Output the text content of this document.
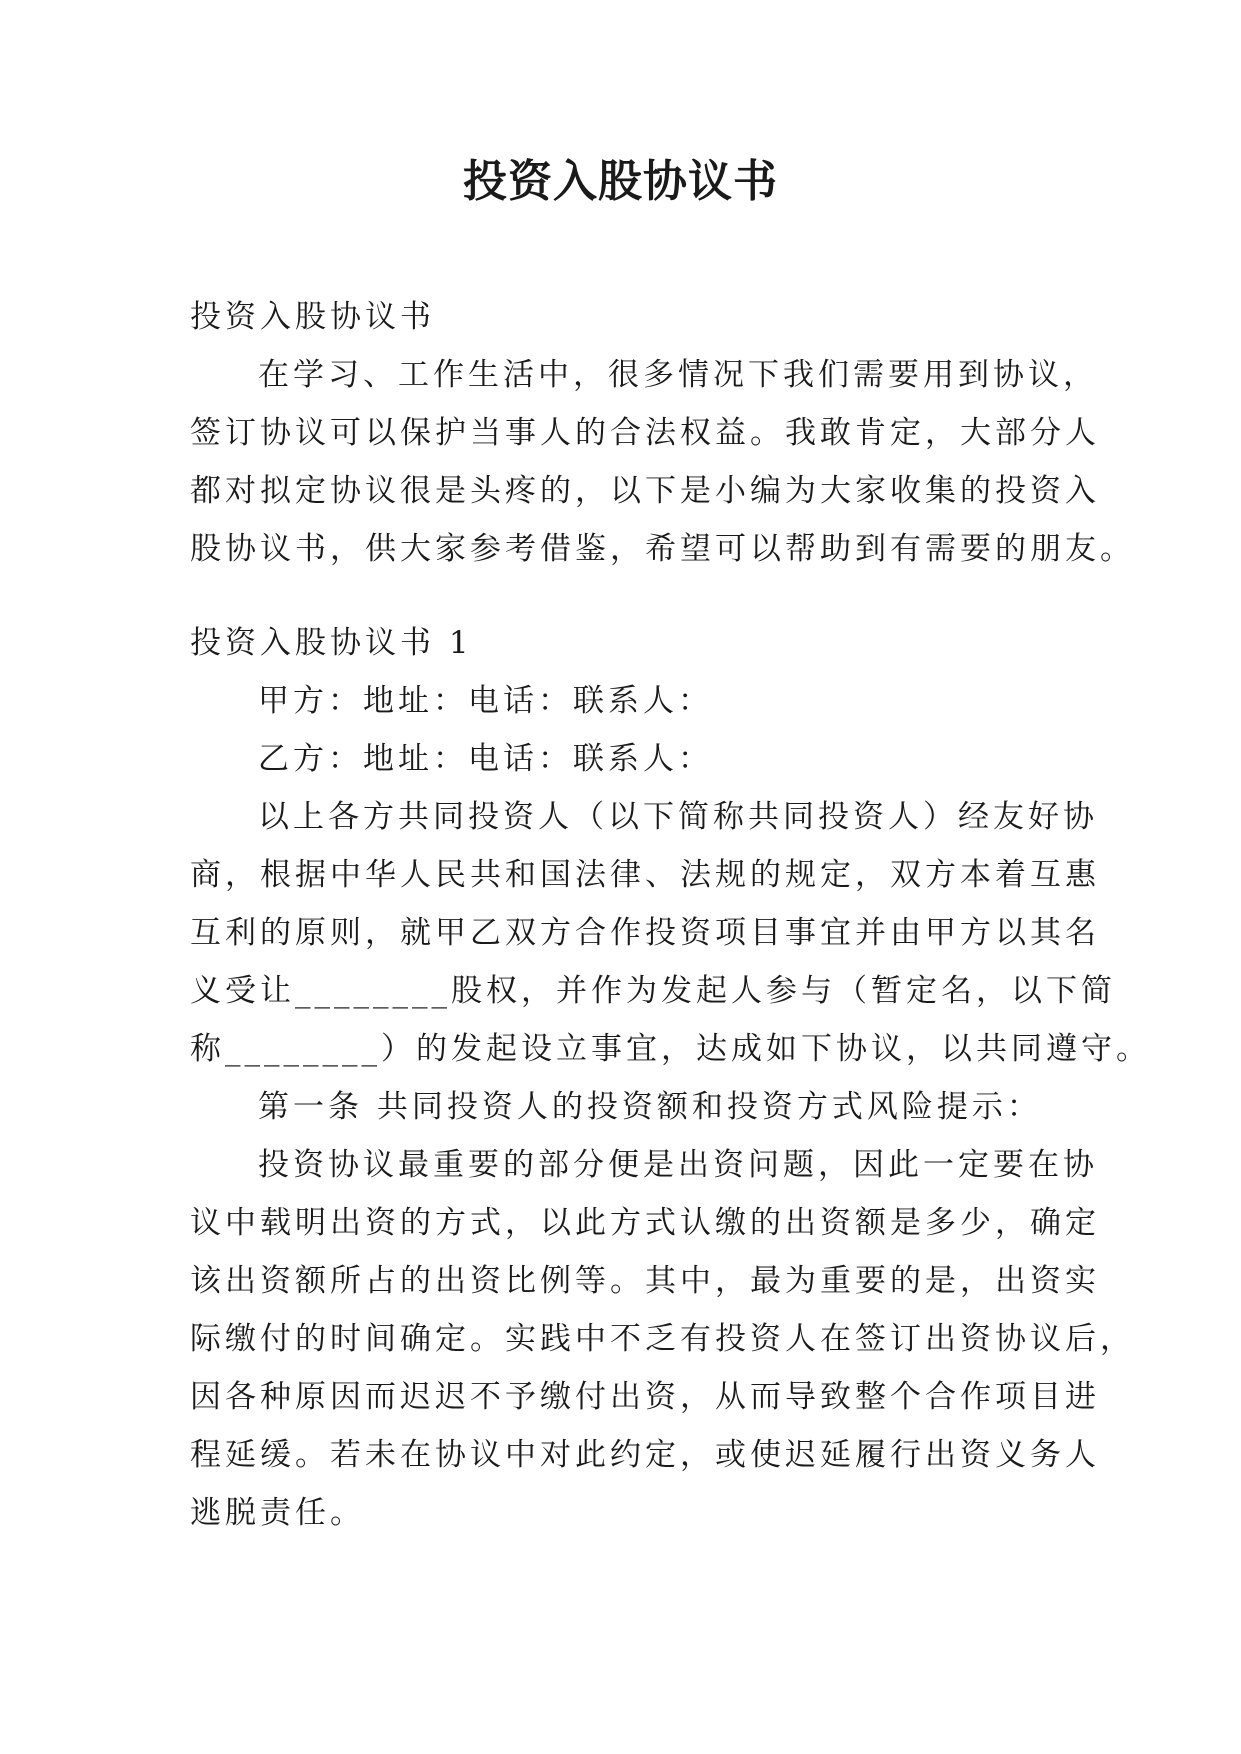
投资入股协议书
投资入股协议书
在学习、工作生活中，很多情况下我们需要用到协议，
签订协议可以保护当事人的合法权益。我敢肯定，大部分人
都对拟定协议很是头疼的，以下是小编为大家收集的投资入
股协议书，供大家参考借鉴，希望可以帮助到有需要的朋友。
投资入股协议书 1
甲方：地址：电话：联系人：
乙方：地址：电话：联系人：
以上各方共同投资人（以下简称共同投资人）经友好协
商，根据中华人民共和国法律、法规的规定，双方本着互惠
互利的原则，就甲乙双方合作投资项目事宜并由甲方以其名
义受让________股权，并作为发起人参与（暂定名，以下简
称________）的发起设立事宜，达成如下协议，以共同遵守。
第一条 共同投资人的投资额和投资方式风险提示：
投资协议最重要的部分便是出资问题，因此一定要在协
议中载明出资的方式，以此方式认缴的出资额是多少，确定
该出资额所占的出资比例等。其中，最为重要的是，出资实
际缴付的时间确定。实践中不乏有投资人在签订出资协议后，
因各种原因而迟迟不予缴付出资，从而导致整个合作项目进
程延缓。若未在协议中对此约定，或使迟延履行出资义务人
逃脱责任。
